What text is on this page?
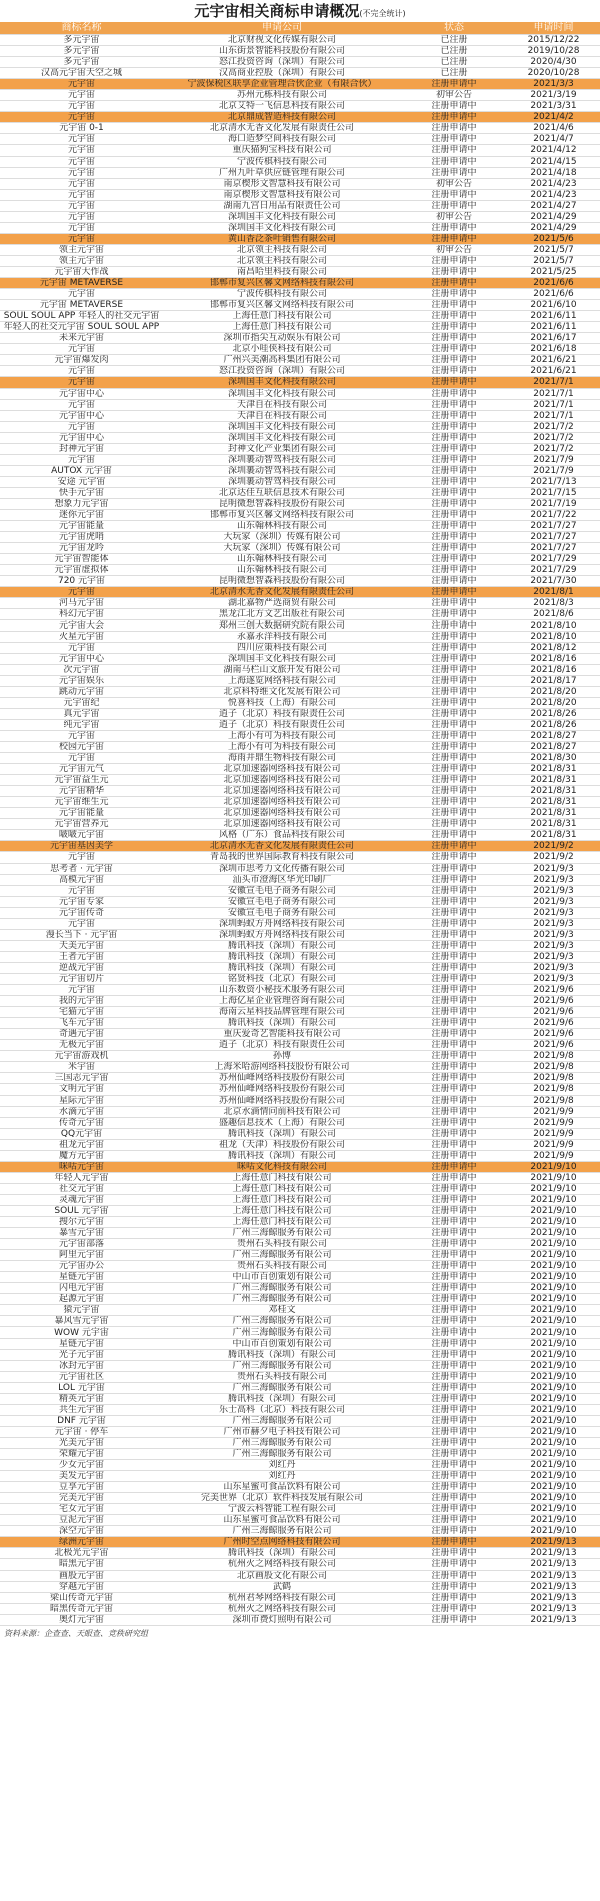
元宇宙相关商标申请概况(不完全统计)
商标名称	申请公司	状态	申请时间
多元宇宙	北京财视文化传媒有限公司	已注册	2015/12/22
多元宇宙	山东街景智能科技股份有限公司	已注册	2019/10/28
多元宇宙	怒江投资咨询（深圳）有限公司	已注册	2020/4/30
汉高元宇宙天空之城	汉高商业控股（深圳）有限公司	已注册	2020/10/28
元宇宙	宁波保税区联享企业管理合伙企业（有限合伙）	注册申请中	2021/3/3
元宇宙	苏州元栋科技有限公司	初审公告	2021/3/19
元宇宙	北京艾特一飞信息科技有限公司	注册申请中	2021/3/31
元宇宙	北京鼎成智造科技有限公司	注册申请中	2021/4/2
元宇宙 0-1	北京清水无香文化发展有限责任公司	注册申请中	2021/4/6
元宇宙	海口造梦空间科技有限公司	注册申请中	2021/4/7
元宇宙	重庆猫狗宝科技有限公司	注册申请中	2021/4/12
元宇宙	宁波传棋科技有限公司	注册申请中	2021/4/15
元宇宙	广州九叶草供应链管理有限公司	注册申请中	2021/4/18
元宇宙	南京楔形文智慧科技有限公司	初审公告	2021/4/23
元宇宙	南京楔形文智慧科技有限公司	注册申请中	2021/4/23
元宇宙	湖南九宫日用品有限责任公司	注册申请中	2021/4/27
元宇宙	深圳国丰文化科技有限公司	初审公告	2021/4/29
元宇宙	深圳国丰文化科技有限公司	注册申请中	2021/4/29
元宇宙	黄山香泛茶叶销售有限公司	注册申请中	2021/5/6
领主元宇宙	北京领主科技有限公司	初审公告	2021/5/7
领主元宇宙	北京领主科技有限公司	注册申请中	2021/5/7
元宇宙大作战	南昌哈里科技有限公司	注册申请中	2021/5/25
元宇宙 METAVERSE	邯郸市复兴区馨文网络科技有限公司	注册申请中	2021/6/6
元宇宙	宁波传棋科技有限公司	注册申请中	2021/6/6
元宇宙 METAVERSE	邯郸市复兴区馨文网络科技有限公司	注册申请中	2021/6/10
SOUL SOUL APP 年轻人的社交元宇宙	上海任意门科技有限公司	注册申请中	2021/6/11
年轻人的社交元宇宙 SOUL SOUL APP	上海任意门科技有限公司	注册申请中	2021/6/11
未来元宇宙	深圳市指尖互动娱乐有限公司	注册申请中	2021/6/17
元宇宙	北京小哇侠科技有限公司	注册申请中	2021/6/18
元宇宙爆发肉	广州兴美潮高科集团有限公司	注册申请中	2021/6/21
元宇宙	怒江投资咨询（深圳）有限公司	注册申请中	2021/6/21
元宇宙	深圳国丰文化科技有限公司	注册申请中	2021/7/1
元宇宙中心	深圳国丰文化科技有限公司	注册申请中	2021/7/1
元宇宙	天津自在科技有限公司	注册申请中	2021/7/1
元宇宙中心	天津自在科技有限公司	注册申请中	2021/7/1
元宇宙	深圳国丰文化科技有限公司	注册申请中	2021/7/2
元宇宙中心	深圳国丰文化科技有限公司	注册申请中	2021/7/2
封神元宇宙	封神文化产业集团有限公司	注册申请中	2021/7/2
元宇宙	深圳裹动智驾科技有限公司	注册申请中	2021/7/9
AUTOX 元宇宙	深圳裹动智驾科技有限公司	注册申请中	2021/7/9
安途 元宇宙	深圳裹动智驾科技有限公司	注册申请中	2021/7/13
快手元宇宙	北京达佳互联信息技术有限公司	注册申请中	2021/7/15
想象力元宇宙	昆明微想智森科技股份有限公司	注册申请中	2021/7/19
迷你元宇宙	邯郸市复兴区馨文网络科技有限公司	注册申请中	2021/7/22
元宇宙能量	山东翰林科技有限公司	注册申请中	2021/7/27
元宇宙虎哨	大玩家（深圳）传媒有限公司	注册申请中	2021/7/27
元宇宙龙吟	大玩家（深圳）传媒有限公司	注册申请中	2021/7/27
元宇宙智能体	山东翰林科技有限公司	注册申请中	2021/7/29
元宇宙虚拟体	山东翰林科技有限公司	注册申请中	2021/7/29
720 元宇宙	昆明微想智森科技股份有限公司	注册申请中	2021/7/30
元宇宙	北京清水无香文化发展有限责任公司	注册申请中	2021/8/1
河马元宇宙	湖北嘉物严选商贸有限公司	注册申请中	2021/8/3
科幻元宇宙	黑龙江北方文艺出版社有限公司	注册申请中	2021/8/6
元宇宙大会	郑州三创大数据研究院有限公司	注册申请中	2021/8/10
火星元宇宙	永嘉永洋科技有限公司	注册申请中	2021/8/10
元宇宙	四川应策科技有限公司	注册申请中	2021/8/12
元宇宙中心	深圳国丰文化科技有限公司	注册申请中	2021/8/16
次元宇宙	湖南马栏山文旅开发有限公司	注册申请中	2021/8/16
元宇宙娱乐	上海遂览网络科技有限公司	注册申请中	2021/8/17
跳动元宇宙	北京科特维文化发展有限公司	注册申请中	2021/8/20
元宇宙纪	悦喜科技（上海）有限公司	注册申请中	2021/8/20
真元宇宙	逍子（北京）科技有限责任公司	注册申请中	2021/8/26
纯元宇宙	逍子（北京）科技有限责任公司	注册申请中	2021/8/26
元宇宙	上海小有可为科技有限公司	注册申请中	2021/8/27
校园元宇宙	上海小有可为科技有限公司	注册申请中	2021/8/27
元宇宙	海雨井鼎生物科技有限公司	注册申请中	2021/8/30
元宇宙元气	北京加速器网络科技有限公司	注册申请中	2021/8/31
元宇宙益生元	北京加速器网络科技有限公司	注册申请中	2021/8/31
元宇宙精华	北京加速器网络科技有限公司	注册申请中	2021/8/31
元宇宙维生元	北京加速器网络科技有限公司	注册申请中	2021/8/31
元宇宙能量	北京加速器网络科技有限公司	注册申请中	2021/8/31
元宇宙营养元	北京加速器网络科技有限公司	注册申请中	2021/8/31
啵啵元宇宙	风格（广东）食品科技有限公司	注册申请中	2021/8/31
元宇宙基因美学	北京清水无香文化发展有限责任公司	注册申请中	2021/9/2
元宇宙	青岛我的世界国际教育科技有限公司	注册申请中	2021/9/2
思考者 · 元宇宙	深圳市思考力文化传播有限公司	注册申请中	2021/9/3
高模元宇宙	汕头市澄海区华光印刷厂	注册申请中	2021/9/3
元宇宙	安徽宣毛电子商务有限公司	注册申请中	2021/9/3
元宇宙专家	安徽宣毛电子商务有限公司	注册申请中	2021/9/3
元宇宙传奇	安徽宣毛电子商务有限公司	注册申请中	2021/9/3
元宇宙	深圳蚂蚁方舟网络科技有限公司	注册申请中	2021/9/3
漫长当下 · 元宇宙	深圳蚂蚁方舟网络科技有限公司	注册申请中	2021/9/3
天美元宇宙	腾讯科技（深圳）有限公司	注册申请中	2021/9/3
王者元宇宙	腾讯科技（深圳）有限公司	注册申请中	2021/9/3
逆战元宇宙	腾讯科技（深圳）有限公司	注册申请中	2021/9/3
元宇宙切片	铭贤科技（北京）有限公司	注册申请中	2021/9/3
元宇宙	山东数资小秘技术服务有限公司	注册申请中	2021/9/6
我的元宇宙	上海亿星企业管理咨询有限公司	注册申请中	2021/9/6
宅猫元宇宙	海南云星科技品牌管理有限公司	注册申请中	2021/9/6
飞车元宇宙	腾讯科技（深圳）有限公司	注册申请中	2021/9/6
奇遇元宇宙	重庆爱奇艺智能科技有限公司	注册申请中	2021/9/6
无极元宇宙	逍子（北京）科技有限责任公司	注册申请中	2021/9/6
元宇宙游戏机	孙博	注册申请中	2021/9/8
米宇宙	上海米哈游网络科技股份有限公司	注册申请中	2021/9/8
三国志元宇宙	苏州仙峰网络科技股份有限公司	注册申请中	2021/9/8
文明元宇宙	苏州仙峰网络科技股份有限公司	注册申请中	2021/9/8
星际元宇宙	苏州仙峰网络科技股份有限公司	注册申请中	2021/9/8
水滴元宇宙	北京水滴情问前科技有限公司	注册申请中	2021/9/9
传奇元宇宙	盛趣信息技术（上海）有限公司	注册申请中	2021/9/9
QQ元宇宙	腾讯科技（深圳）有限公司	注册申请中	2021/9/9
祖龙元宇宙	祖龙（天津）科技股份有限公司	注册申请中	2021/9/9
魔方元宇宙	腾讯科技（深圳）有限公司	注册申请中	2021/9/9
咪咕元宇宙	咪咕文化科技有限公司	注册申请中	2021/9/10
年轻人元宇宙	上海任意门科技有限公司	注册申请中	2021/9/10
社交元宇宙	上海任意门科技有限公司	注册申请中	2021/9/10
灵魂元宇宙	上海任意门科技有限公司	注册申请中	2021/9/10
SOUL 元宇宙	上海任意门科技有限公司	注册申请中	2021/9/10
搜尔元宇宙	上海任意门科技有限公司	注册申请中	2021/9/10
暴雪元宇宙	广州三海鲸服务有限公司	注册申请中	2021/9/10
元宇宙部落	贵州石头科技有限公司	注册申请中	2021/9/10
阿里元宇宙	广州三海鲸服务有限公司	注册申请中	2021/9/10
元宇宙办公	贵州石头科技有限公司	注册申请中	2021/9/10
星链元宇宙	中山市百创策划有限公司	注册申请中	2021/9/10
闪电元宇宙	广州三海鲸服务有限公司	注册申请中	2021/9/10
起源元宇宙	广州三海鲸服务有限公司	注册申请中	2021/9/10
猿元宇宙	邓桂文	注册申请中	2021/9/10
暴风雪元宇宙	广州三海鲸服务有限公司	注册申请中	2021/9/10
WOW 元宇宙	广州三海鲸服务有限公司	注册申请中	2021/9/10
星链元宇宙	中山市百创策划有限公司	注册申请中	2021/9/10
光子元宇宙	腾讯科技（深圳）有限公司	注册申请中	2021/9/10
冰封元宇宙	广州三海鲸服务有限公司	注册申请中	2021/9/10
元宇宙社区	贵州石头科技有限公司	注册申请中	2021/9/10
LOL 元宇宙	广州三海鲸服务有限公司	注册申请中	2021/9/10
精英元宇宙	腾讯科技（深圳）有限公司	注册申请中	2021/9/10
共生元宇宙	乐士高科（北京）科技有限公司	注册申请中	2021/9/10
DNF 元宇宙	广州三海鲸服务有限公司	注册申请中	2021/9/10
元宇宙 · 停车	广州市赫夕电子科技有限公司	注册申请中	2021/9/10
光美元宇宙	广州三海鲸服务有限公司	注册申请中	2021/9/10
荣耀元宇宙	广州三海鲸服务有限公司	注册申请中	2021/9/10
少女元宇宙	刘红丹	注册申请中	2021/9/10
美发元宇宙	刘红丹	注册申请中	2021/9/10
豆享元宇宙	山东星蜜可食品饮料有限公司	注册申请中	2021/9/10
完美元宇宙	完美世界（北京）软件科技发展有限公司	注册申请中	2021/9/10
宅女元宇宙	宁波云科智能工程有限公司	注册申请中	2021/9/10
豆泥元宇宙	山东星蜜可食品饮料有限公司	注册申请中	2021/9/10
深空元宇宙	广州三海鲸服务有限公司	注册申请中	2021/9/10
绿洲元宇宙	广州时空点网络科技有限公司	注册申请中	2021/9/13
北极光元宇宙	腾讯科技（深圳）有限公司	注册申请中	2021/9/13
暗黑元宇宙	杭州火之网络科技有限公司	注册申请中	2021/9/13
画股元宇宙	北京画股文化有限公司	注册申请中	2021/9/13
穿越元宇宙	武鹤	注册申请中	2021/9/13
梁山传奇元宇宙	杭州君琴网络科技有限公司	注册申请中	2021/9/13
暗黑传奇元宇宙	杭州火之网络科技有限公司	注册申请中	2021/9/13
奥灯元宇宙	深圳市费灯照明有限公司	注册申请中	2021/9/13
资料来源：企查查、天眼查、竞秩研究组
